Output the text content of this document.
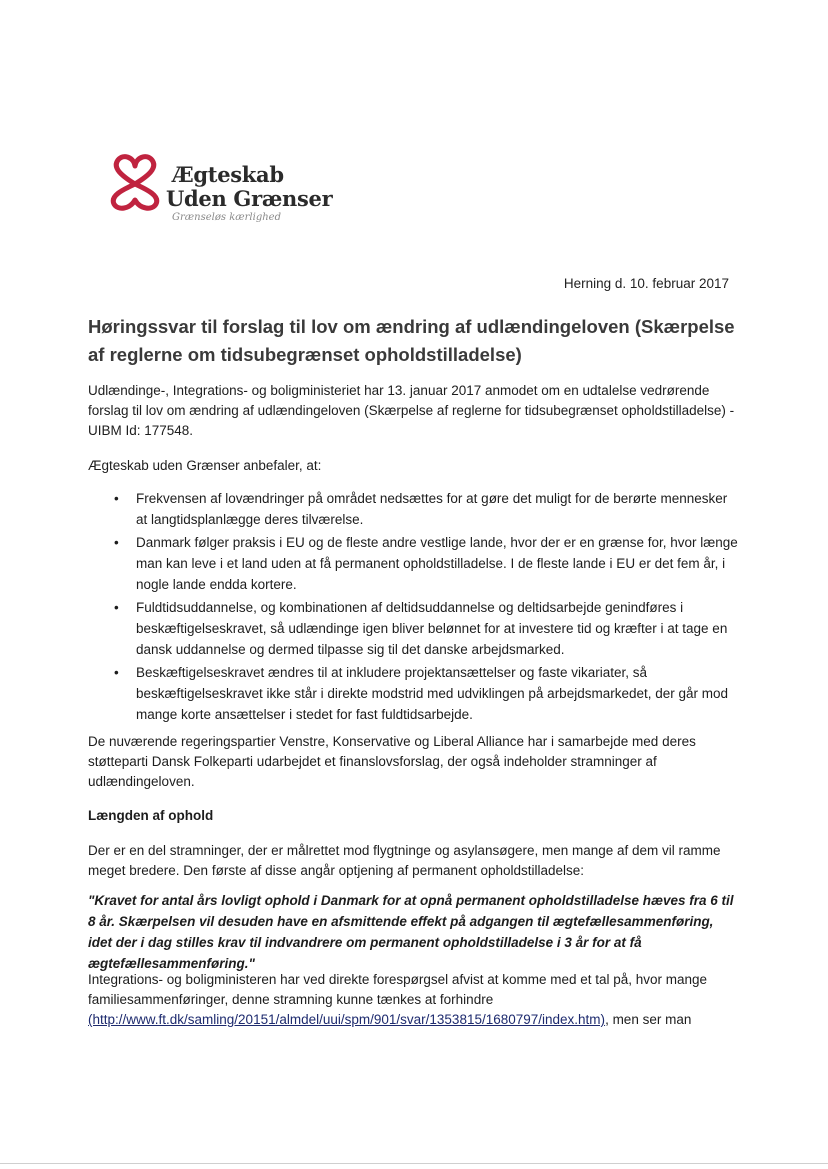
Ægteskab
Uden Grænser
Grænseløs kærlighed
Herning d. 10. februar 2017
Høringssvar til forslag til lov om ændring af udlændingeloven (Skærpelse af reglerne om tidsubegrænset opholdstilladelse)

Udlændinge-, Integrations- og boligministeriet har 13. januar 2017 anmodet om en udtalelse vedrørende forslag til lov om ændring af udlændingeloven (Skærpelse af reglerne for tidsubegrænset opholdstilladelse) - UIBM Id: 177548.

Ægteskab uden Grænser anbefaler, at:

• Frekvensen af lovændringer på området nedsættes for at gøre det muligt for de berørte mennesker at langtidsplanlægge deres tilværelse.
• Danmark følger praksis i EU og de fleste andre vestlige lande, hvor der er en grænse for, hvor længe man kan leve i et land uden at få permanent opholdstilladelse. I de fleste lande i EU er det fem år, i nogle lande endda kortere.
• Fuldtidsuddannelse, og kombinationen af deltidsuddannelse og deltidsarbejde genindføres i beskæftigelseskravet, så udlændinge igen bliver belønnet for at investere tid og kræfter i at tage en dansk uddannelse og dermed tilpasse sig til det danske arbejdsmarked.
• Beskæftigelseskravet ændres til at inkludere projektansættelser og faste vikariater, så beskæftigelseskravet ikke står i direkte modstrid med udviklingen på arbejdsmarkedet, der går mod mange korte ansættelser i stedet for fast fuldtidsarbejde.

De nuværende regeringspartier Venstre, Konservative og Liberal Alliance har i samarbejde med deres støtteparti Dansk Folkeparti udarbejdet et finanslovsforslag, der også indeholder stramninger af udlændingeloven.

Længden af ophold

Der er en del stramninger, der er målrettet mod flygtninge og asylansøgere, men mange af dem vil ramme meget bredere. Den første af disse angår optjening af permanent opholdstilladelse:

"Kravet for antal års lovligt ophold i Danmark for at opnå permanent opholdstilladelse hæves fra 6 til 8 år. Skærpelsen vil desuden have en afsmittende effekt på adgangen til ægtefællesammenføring, idet der i dag stilles krav til indvandrere om permanent opholdstilladelse i 3 år for at få ægtefællesammenføring."

Integrations- og boligministeren har ved direkte forespørgsel afvist at komme med et tal på, hvor mange familiesammenføringer, denne stramning kunne tænkes at forhindre (http://www.ft.dk/samling/20151/almdel/uui/spm/901/svar/1353815/1680797/index.htm), men ser man
